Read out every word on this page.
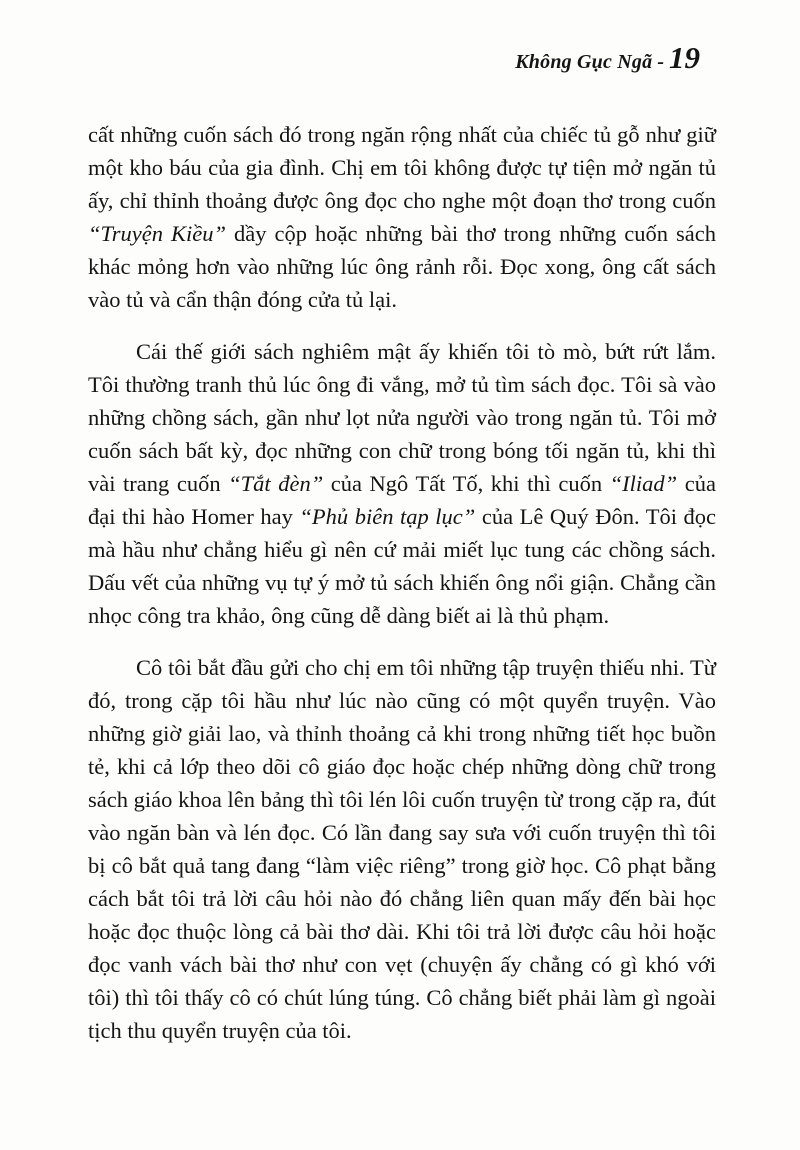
Không Gục Ngã - 19

cất những cuốn sách đó trong ngăn rộng nhất của chiếc tủ gỗ như giữ một kho báu của gia đình. Chị em tôi không được tự tiện mở ngăn tủ ấy, chỉ thỉnh thoảng được ông đọc cho nghe một đoạn thơ trong cuốn “Truyện Kiều” dầy cộp hoặc những bài thơ trong những cuốn sách khác mỏng hơn vào những lúc ông rảnh rỗi. Đọc xong, ông cất sách vào tủ và cẩn thận đóng cửa tủ lại.

Cái thế giới sách nghiêm mật ấy khiến tôi tò mò, bứt rứt lắm. Tôi thường tranh thủ lúc ông đi vắng, mở tủ tìm sách đọc. Tôi sà vào những chồng sách, gần như lọt nửa người vào trong ngăn tủ. Tôi mở cuốn sách bất kỳ, đọc những con chữ trong bóng tối ngăn tủ, khi thì vài trang cuốn “Tắt đèn” của Ngô Tất Tố, khi thì cuốn “Iliad” của đại thi hào Homer hay “Phủ biên tạp lục” của Lê Quý Đôn. Tôi đọc mà hầu như chẳng hiểu gì nên cứ mải miết lục tung các chồng sách. Dấu vết của những vụ tự ý mở tủ sách khiến ông nổi giận. Chẳng cần nhọc công tra khảo, ông cũng dễ dàng biết ai là thủ phạm.

Cô tôi bắt đầu gửi cho chị em tôi những tập truyện thiếu nhi. Từ đó, trong cặp tôi hầu như lúc nào cũng có một quyển truyện. Vào những giờ giải lao, và thỉnh thoảng cả khi trong những tiết học buồn tẻ, khi cả lớp theo dõi cô giáo đọc hoặc chép những dòng chữ trong sách giáo khoa lên bảng thì tôi lén lôi cuốn truyện từ trong cặp ra, đút vào ngăn bàn và lén đọc. Có lần đang say sưa với cuốn truyện thì tôi bị cô bắt quả tang đang “làm việc riêng” trong giờ học. Cô phạt bằng cách bắt tôi trả lời câu hỏi nào đó chẳng liên quan mấy đến bài học hoặc đọc thuộc lòng cả bài thơ dài. Khi tôi trả lời được câu hỏi hoặc đọc vanh vách bài thơ như con vẹt (chuyện ấy chẳng có gì khó với tôi) thì tôi thấy cô có chút lúng túng. Cô chẳng biết phải làm gì ngoài tịch thu quyển truyện của tôi.
